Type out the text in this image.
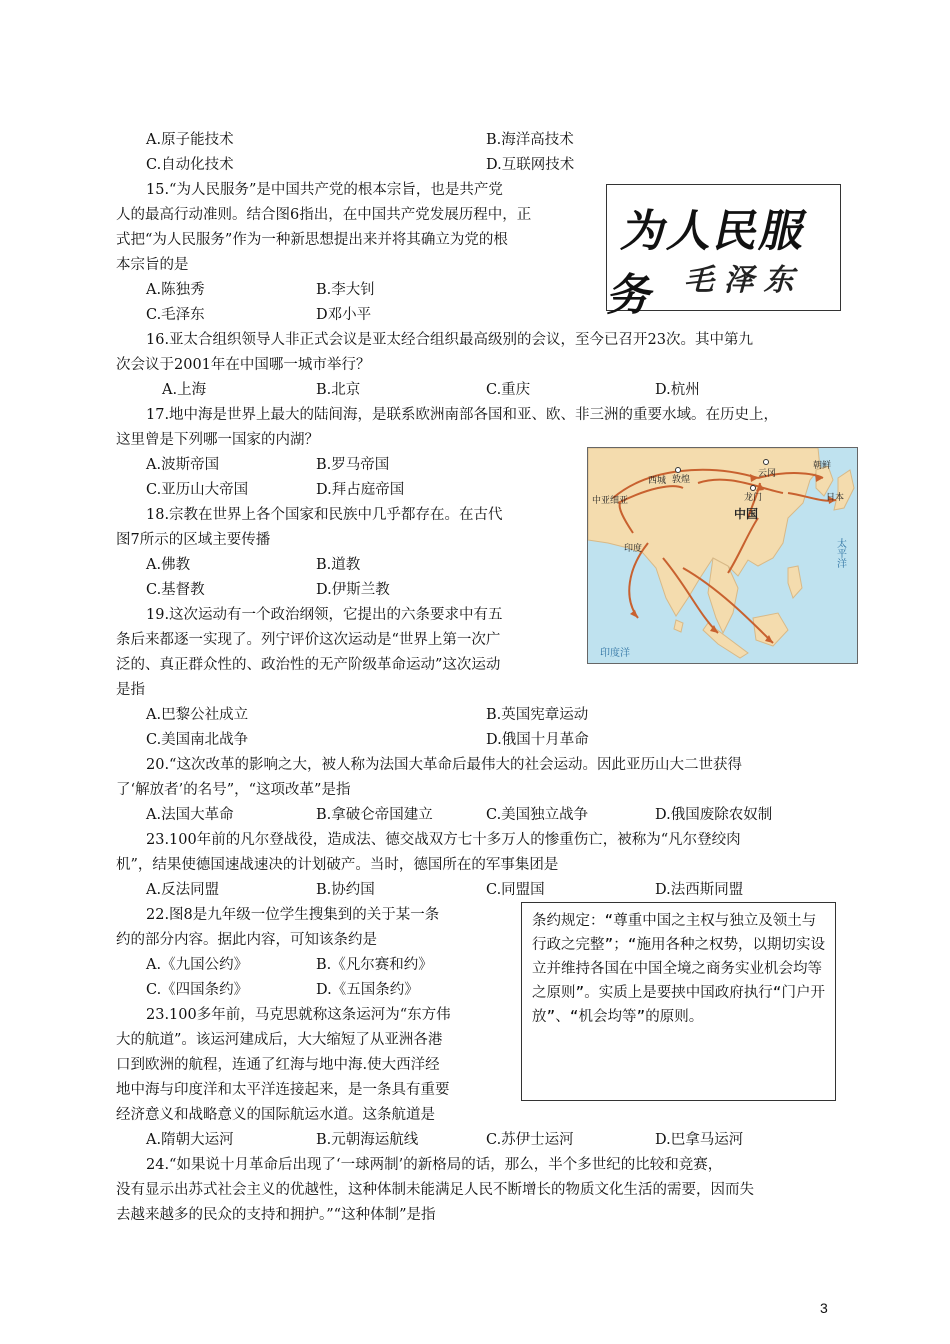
A.原子能技术	B.海洋高技术
C.自动化技术	D.互联网技术
15.“为人民服务”是中国共产党的根本宗旨，也是共产党
人的最高行动准则。结合图6指出，在中国共产党发展历程中，正
式把“为人民服务”作为一种新思想提出来并将其确立为党的根
本宗旨的是
A.陈独秀	B.李大钊
C.毛泽东	D邓小平
为人民服务 毛泽东
16.亚太合组织领导人非正式会议是亚太经合组织最高级别的会议，至今已召开23次。其中第九
次会议于2001年在中国哪一城市举行？
A.上海	B.北京	C.重庆	D.杭州
17.地中海是世界上最大的陆间海，是联系欧洲南部各国和亚、欧、非三洲的重要水域。在历史上，
这里曾是下列哪一国家的内湖？
A.波斯帝国	B.罗马帝国
C.亚历山大帝国	D.拜占庭帝国
18.宗教在世界上各个国家和民族中几乎都存在。在古代
图7所示的区域主要传播
A.佛教	B.道教
C.基督教	D.伊斯兰教
中亚细亚
西城 敦煌
云冈
龙门
朝鲜
日本
印度
中国
太平洋
印度洋
19.这次运动有一个政治纲领，它提出的六条要求中有五
条后来都逐一实现了。列宁评价这次运动是“世界上第一次广
泛的、真正群众性的、政治性的无产阶级革命运动”这次运动
是指
A.巴黎公社成立	B.英国宪章运动
C.美国南北战争	D.俄国十月革命
20.“这次改革的影响之大，被人称为法国大革命后最伟大的社会运动。因此亚历山大二世获得
了‘解放者’的名号”，“这项改革”是指
A.法国大革命	B.拿破仑帝国建立	C.美国独立战争	D.俄国废除农奴制
23.100年前的凡尔登战役，造成法、德交战双方七十多万人的惨重伤亡，被称为“凡尔登绞肉
机”，结果使德国速战速决的计划破产。当时，德国所在的军事集团是
A.反法同盟	B.协约国	C.同盟国	D.法西斯同盟
22.图8是九年级一位学生搜集到的关于某一条
约的部分内容。据此内容，可知该条约是
A.《九国公约》	B.《凡尔赛和约》
C.《四国条约》	D.《五国条约》
条约规定：“尊重中国之主权与独立及领土与行政之完整”；“施用各种之权势，以期切实设立并维持各国在中国全境之商务实业机会均等之原则”。实质上是要挟中国政府执行“门户开放”、“机会均等”的原则。
23.100多年前，马克思就称这条运河为“东方伟
大的航道”。该运河建成后，大大缩短了从亚洲各港
口到欧洲的航程，连通了红海与地中海.使大西洋经
地中海与印度洋和太平洋连接起来，是一条具有重要
经济意义和战略意义的国际航运水道。这条航道是
A.隋朝大运河	B.元朝海运航线	C.苏伊士运河	D.巴拿马运河
24.“如果说十月革命后出现了‘一球两制’的新格局的话，那么，半个多世纪的比较和竞赛，
没有显示出苏式社会主义的优越性，这种体制未能满足人民不断增长的物质文化生活的需要，因而失
去越来越多的民众的支持和拥护。”“这种体制”是指
3
